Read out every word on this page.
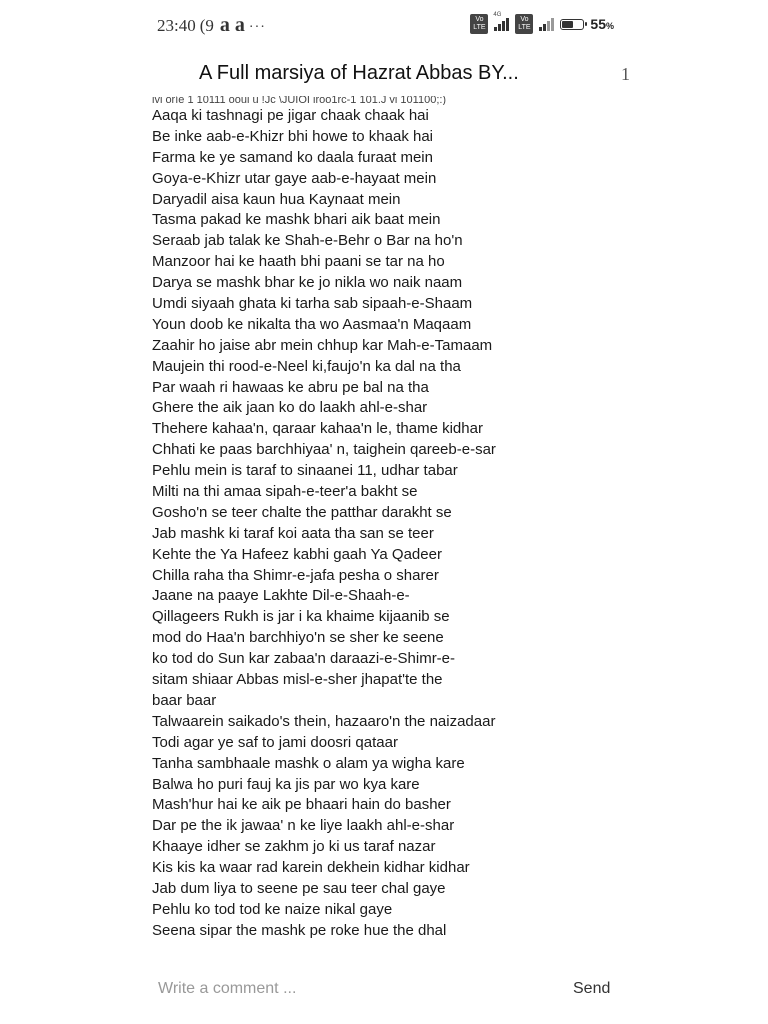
23:40 (9 a a ···
Vo LTE
4G
Vo LTE	55%
A Full marsiya of Hazrat Abbas BY...	1
ivi oríe 1 10111 ooui u !Jc \JUIOI iroo1rc-1 101.J vi 101100;:)
Aaqa ki tashnagi pe jigar chaak chaak hai
Be inke aab-e-Khizr bhi howe to khaak hai
Farma ke ye samand ko daala furaat mein
Goya-e-Khizr utar gaye aab-e-hayaat mein
Daryadil aisa kaun hua Kaynaat mein
Tasma pakad ke mashk bhari aik baat mein
Seraab jab talak ke Shah-e-Behr o Bar na ho'n
Manzoor hai ke haath bhi paani se tar na ho
Darya se mashk bhar ke jo nikla wo naik naam
Umdi siyaah ghata ki tarha sab sipaah-e-Shaam
Youn doob ke nikalta tha wo Aasmaa'n Maqaam
Zaahir ho jaise abr mein chhup kar Mah-e-Tamaam
Maujein thi rood-e-Neel ki,faujo'n ka dal na tha
Par waah ri hawaas ke abru pe bal na tha
Ghere the aik jaan ko do laakh ahl-e-shar
Thehere kahaa'n, qaraar kahaa'n le, thame kidhar
Chhati ke paas barchhiyaa' n, taighein qareeb-e-sar
Pehlu mein is taraf to sinaanei 11, udhar tabar
Milti na thi amaa sipah-e-teer'a bakht se
Gosho'n se teer chalte the patthar darakht se
Jab mashk ki taraf koi aata tha san se teer
Kehte the Ya Hafeez kabhi gaah Ya Qadeer
Chilla raha tha Shimr-e-jafa pesha o sharer
Jaane na paaye Lakhte Dil-e-Shaah-e-
Qillageers Rukh is jar i ka khaime kijaanib se
mod do Haa'n barchhiyo'n se sher ke seene
ko tod do Sun kar zabaa'n daraazi-e-Shimr-e-
sitam shiaar Abbas misl-e-sher jhapat'te the
baar baar
Talwaarein saikado's thein, hazaaro'n the naizadaar
Todi agar ye saf to jami doosri qataar
Tanha sambhaale mashk o alam ya wigha kare
Balwa ho puri fauj ka jis par wo kya kare
Mash'hur hai ke aik pe bhaari hain do basher
Dar pe the ik jawaa' n ke liye laakh ahl-e-shar
Khaaye idher se zakhm jo ki us taraf nazar
Kis kis ka waar rad karein dekhein kidhar kidhar
Jab dum liya to seene pe sau teer chal gaye
Pehlu ko tod tod ke naize nikal gaye
Seena sipar the mashk pe roke hue the dhal
Write a comment ...
Send
